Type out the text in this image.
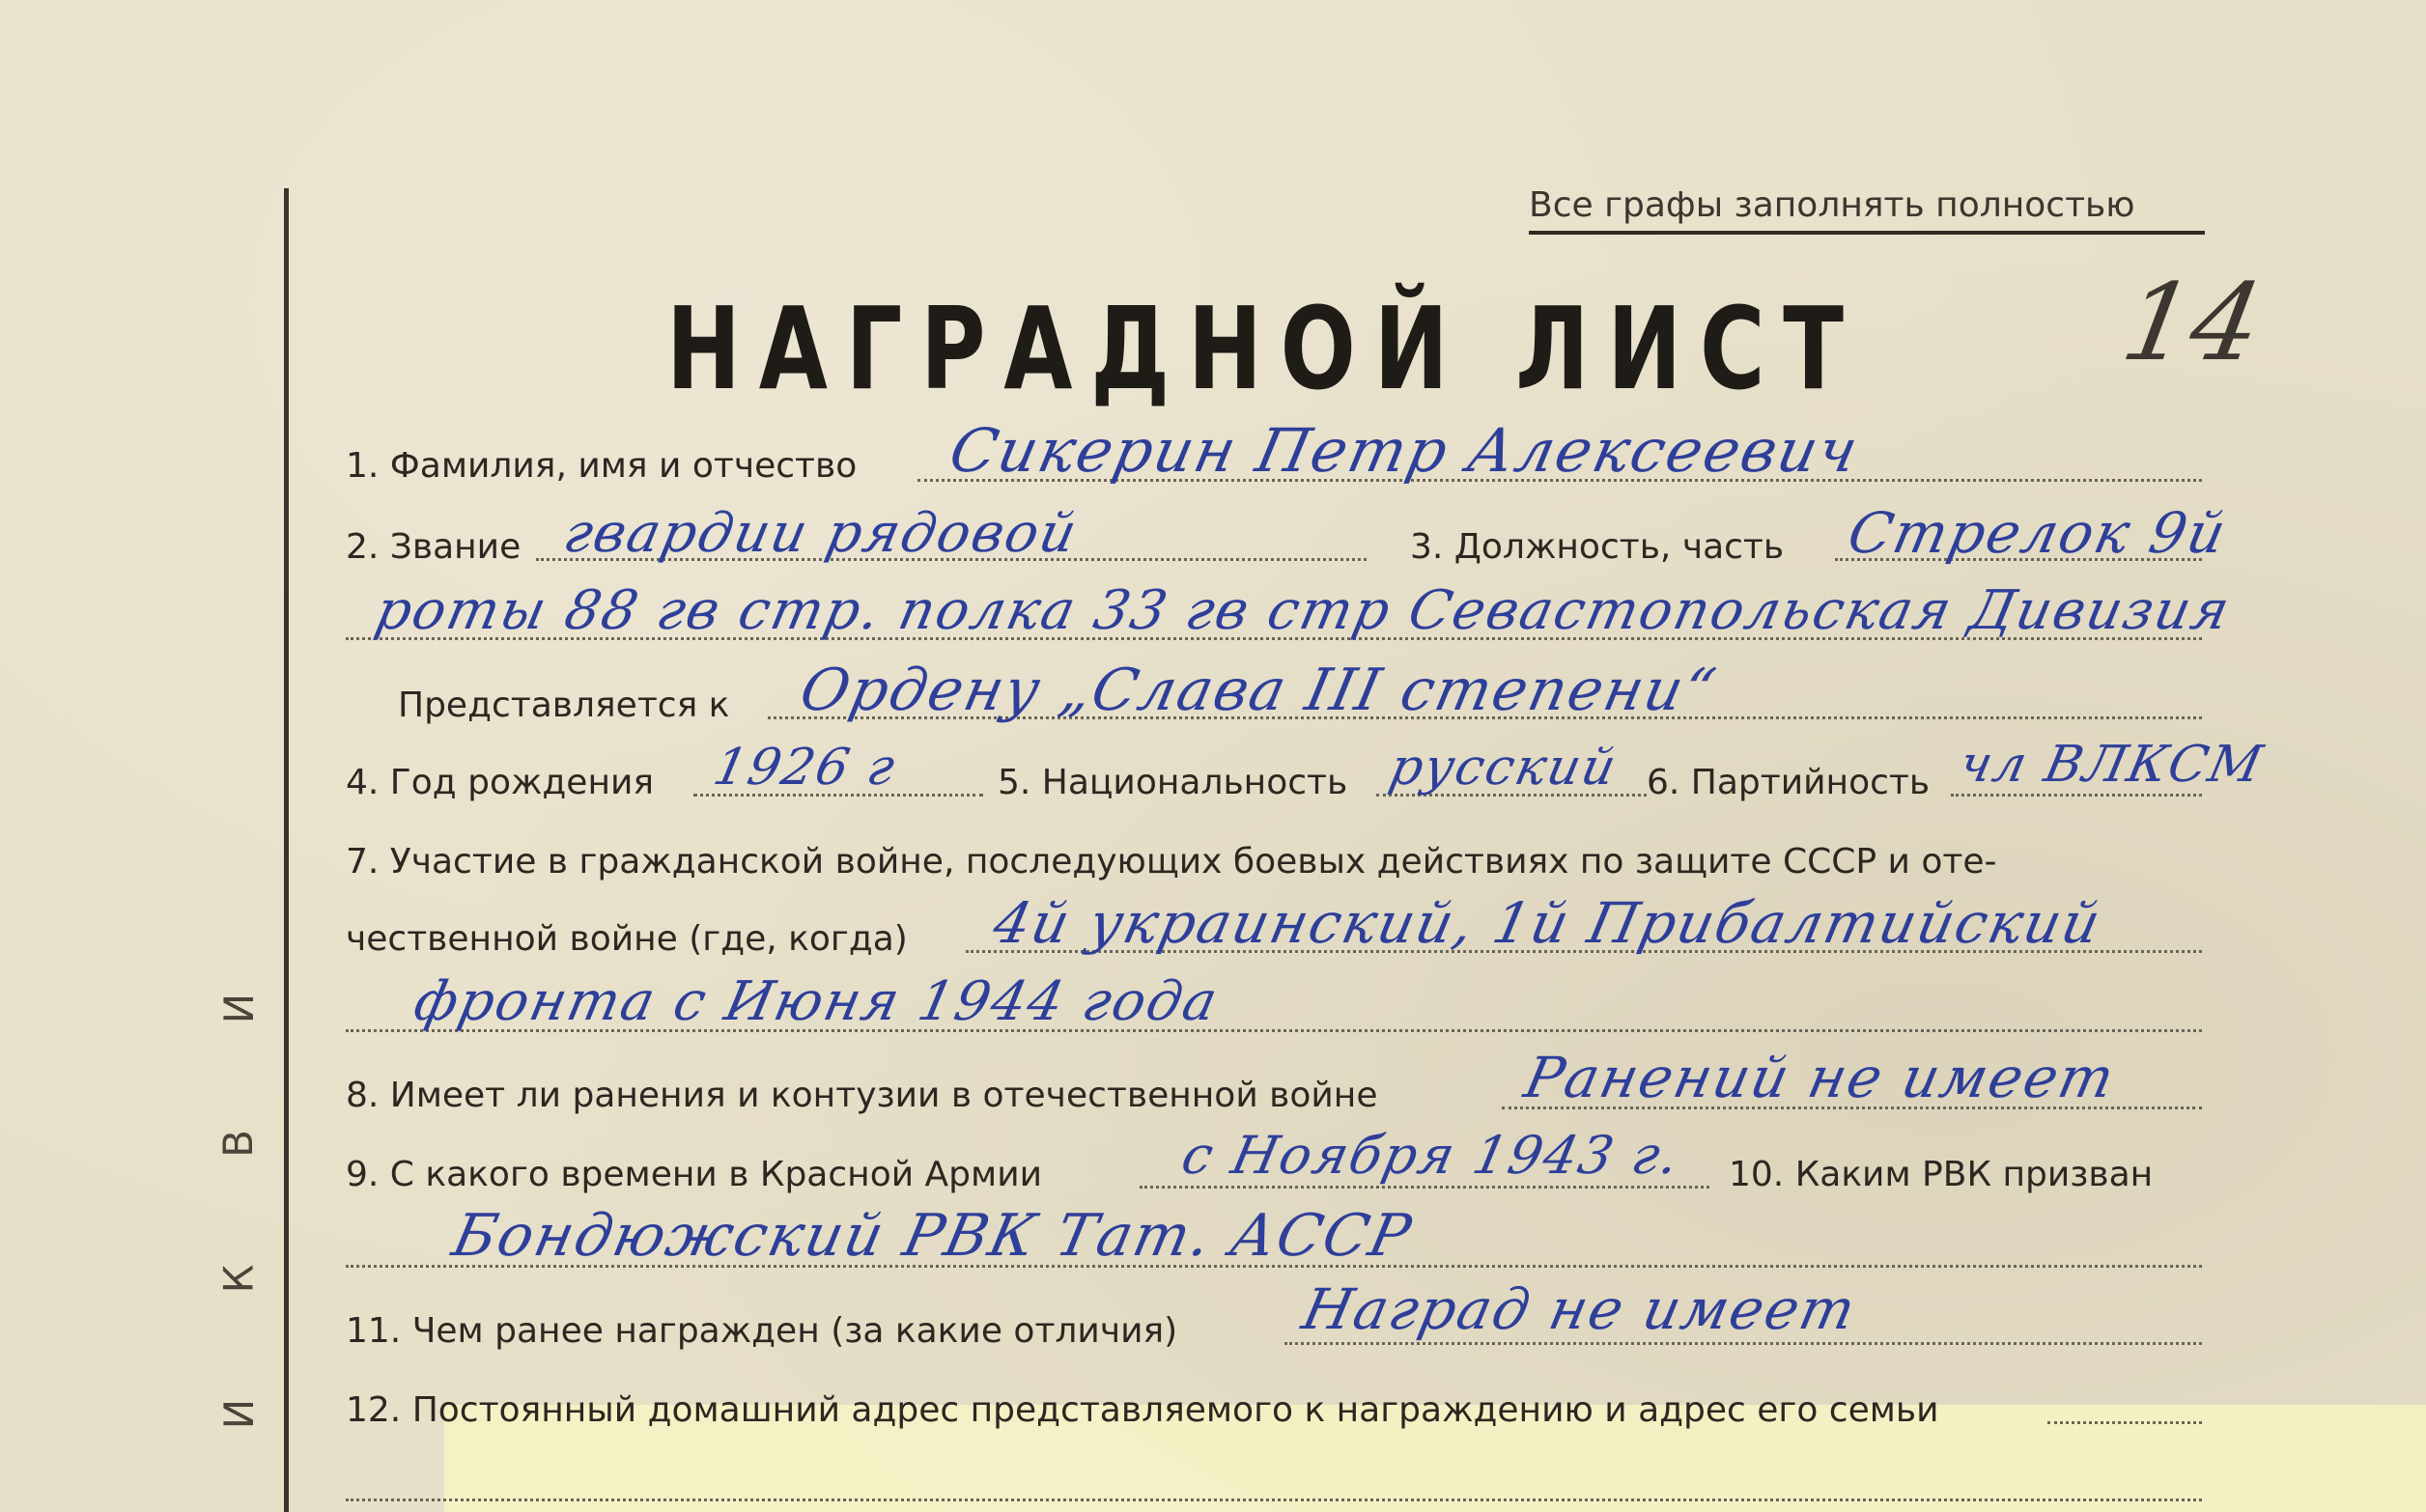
И
В
К
И
Все графы заполнять полностью
НАГРАДНОЙ ЛИСТ 14
1. Фамилия, имя и отчество Сикерин Петр Алексеевич
2. Звание гвардии рядовой	3. Должность, часть Стрелок 9й
роты 88 гв стр. полка 33 гв стр Севастопольская Дивизия
Представляется к Ордену „Слава III степени“
4. Год рождения 1926 г	5. Национальность русский 6. Партийность чл ВЛКСМ
7. Участие в гражданской войне, последующих боевых действиях по защите СССР и оте-
чественной войне (где, когда) 4й украинский, 1й Прибалтийский
фронта с Июня 1944 года
8. Имеет ли ранения и контузии в отечественной войне	Ранений не имеет
9. С какого времени в Красной Армии	с Ноября 1943 г. 10. Каким РВК призван
Бондюжский РВК Тат. АССР
11. Чем ранее награжден (за какие отличия) Наград не имеет
12. Постоянный домашний адрес представляемого к награждению и адрес его семьи
